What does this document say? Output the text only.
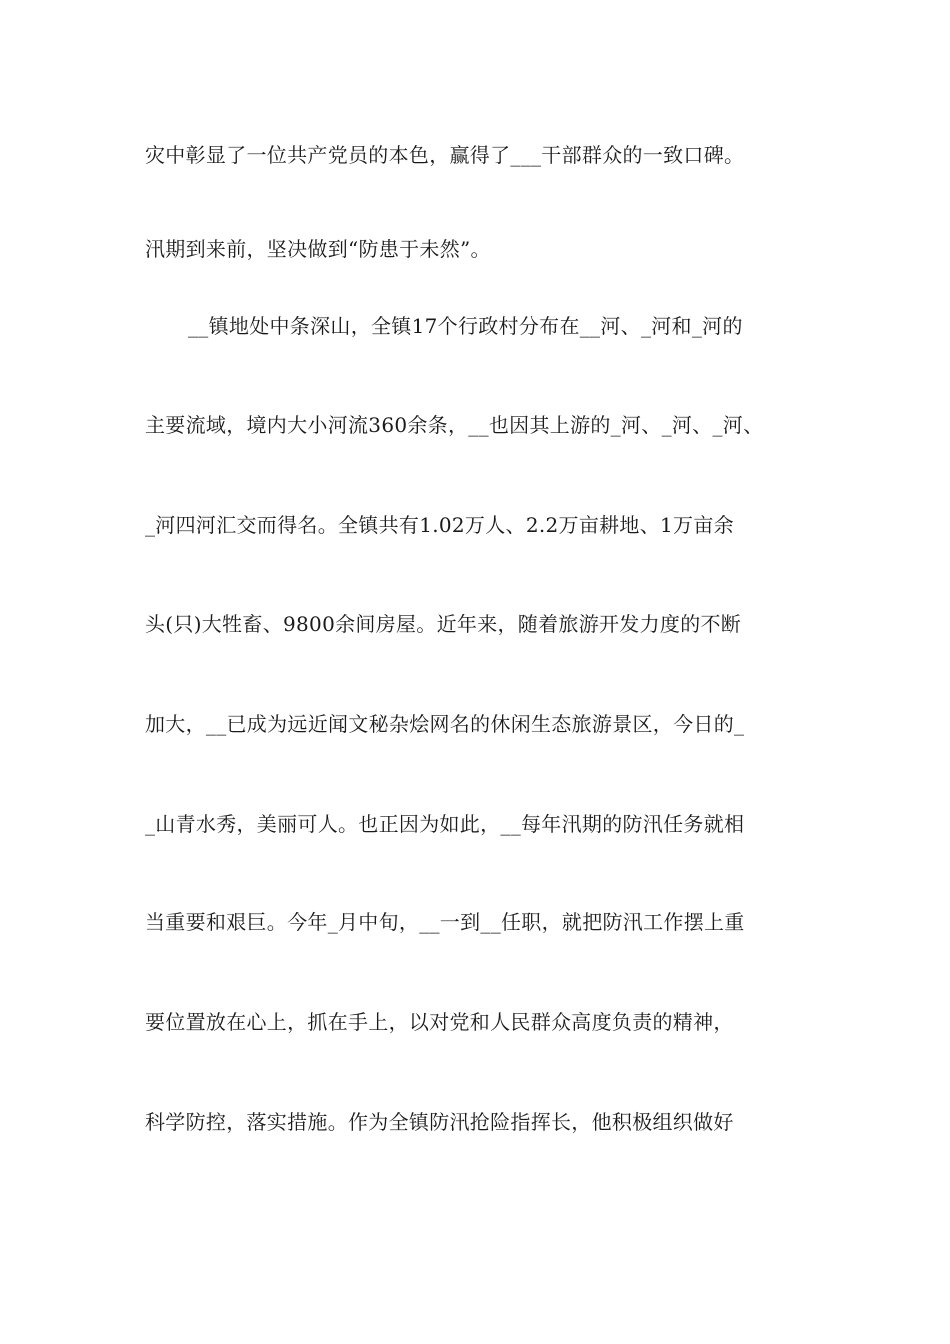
灾中彰显了一位共产党员的本色，赢得了___干部群众的一致口碑。
汛期到来前，坚决做到“防患于未然”。
__镇地处中条深山，全镇17个行政村分布在__河、_河和_河的
主要流域，境内大小河流360余条，__也因其上游的_河、_河、_河、
_河四河汇交而得名。全镇共有1.02万人、2.2万亩耕地、1万亩余
头(只)大牲畜、9800余间房屋。近年来，随着旅游开发力度的不断
加大，__已成为远近闻文秘杂烩网名的休闲生态旅游景区，今日的_
_山青水秀，美丽可人。也正因为如此，__每年汛期的防汛任务就相
当重要和艰巨。今年_月中旬，__一到__任职，就把防汛工作摆上重
要位置放在心上，抓在手上，以对党和人民群众高度负责的精神，
科学防控，落实措施。作为全镇防汛抢险指挥长，他积极组织做好
